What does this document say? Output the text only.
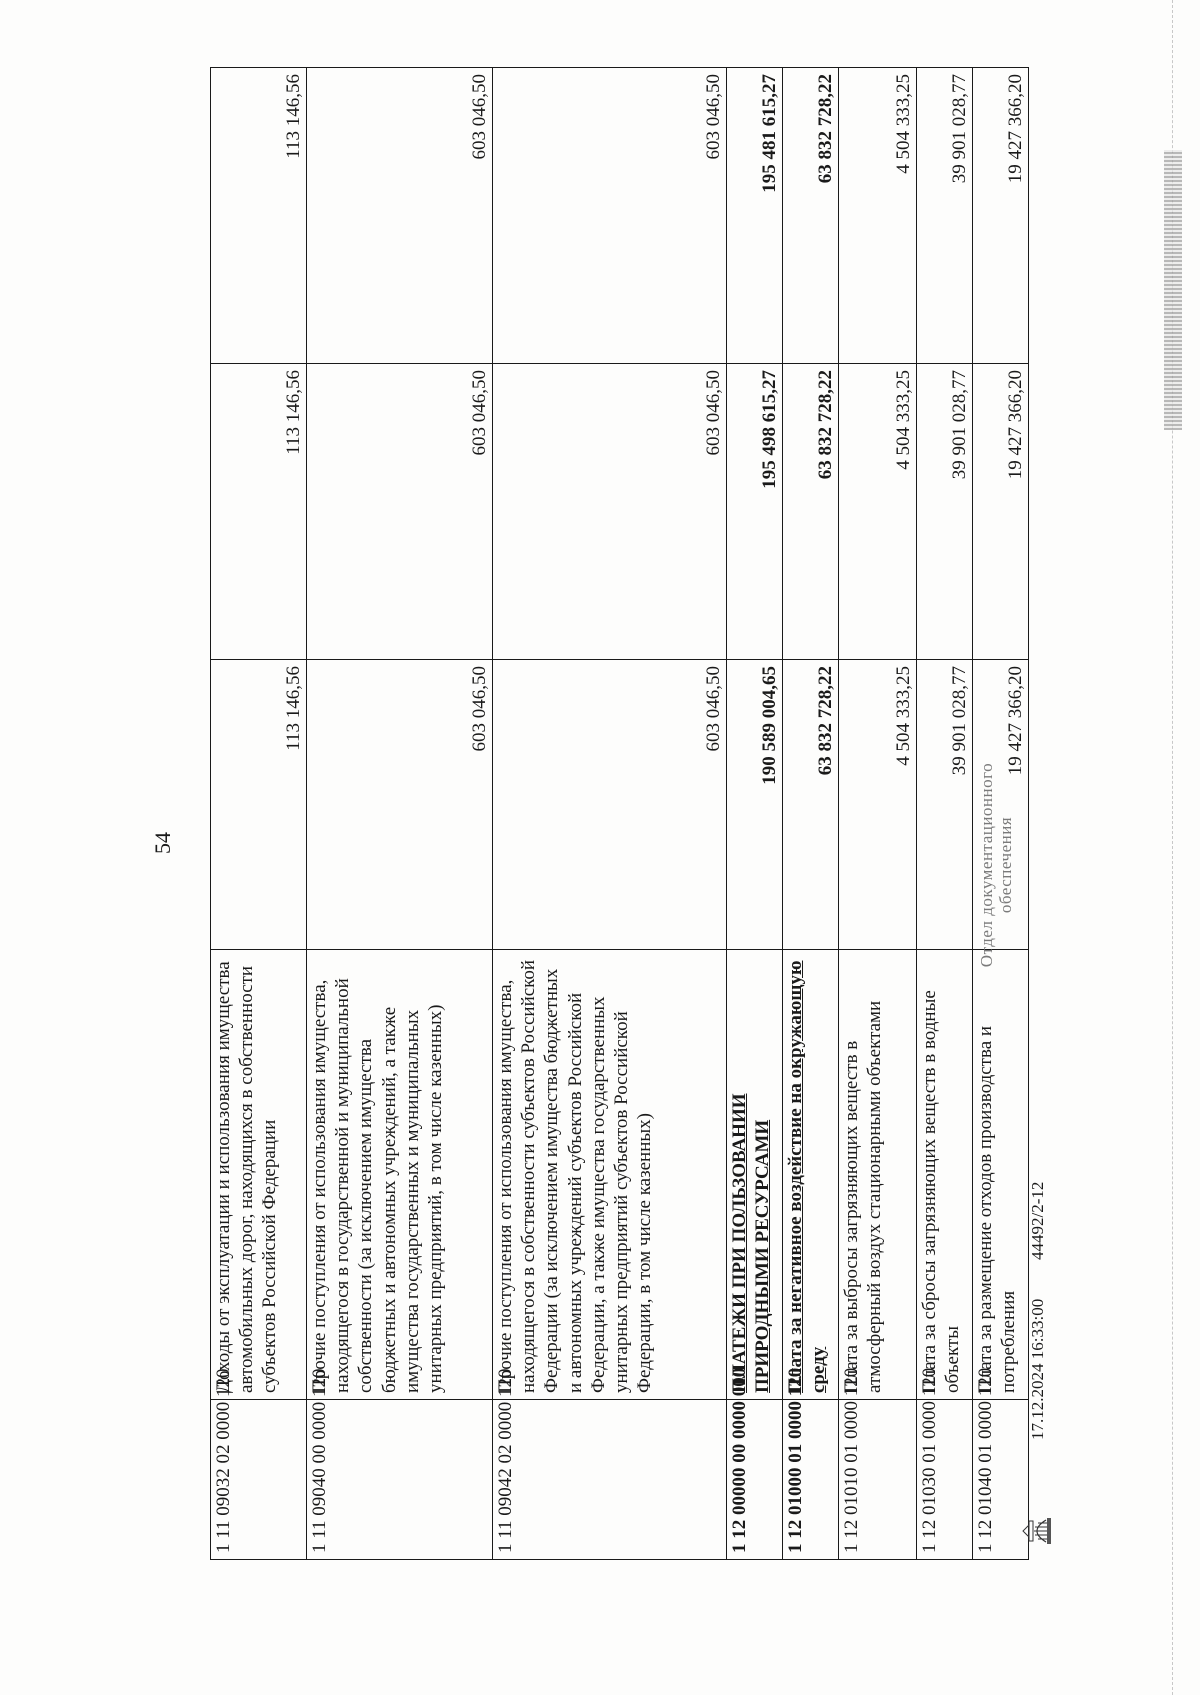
54
1 11 09032 02 0000 120	Доходы от эксплуатации и использования имущества автомобильных дорог, находящихся в собственности субъектов Российской Федерации	113 146,56	113 146,56	113 146,56
1 11 09040 00 0000 120	Прочие поступления от использования имущества, находящегося в государственной и муниципальной собственности (за исключением имущества бюджетных и автономных учреждений, а также имущества государственных и муниципальных унитарных предприятий, в том числе казенных)	603 046,50	603 046,50	603 046,50
1 11 09042 02 0000 120	Прочие поступления от использования имущества, находящегося в собственности субъектов Российской Федерации (за исключением имущества бюджетных и автономных учреждений субъектов Российской Федерации, а также имущества государственных унитарных предприятий субъектов Российской Федерации, в том числе казенных)	603 046,50	603 046,50	603 046,50
1 12 00000 00 0000 000	ПЛАТЕЖИ ПРИ ПОЛЬЗОВАНИИ ПРИРОДНЫМИ РЕСУРСАМИ	190 589 004,65	195 498 615,27	195 481 615,27
1 12 01000 01 0000 120	Плата за негативное воздействие на окружающую среду	63 832 728,22	63 832 728,22	63 832 728,22
1 12 01010 01 0000 120	Плата за выбросы загрязняющих веществ в атмосферный воздух стационарными объектами	4 504 333,25	4 504 333,25	4 504 333,25
1 12 01030 01 0000 120	Плата за сбросы загрязняющих веществ в водные объекты	39 901 028,77	39 901 028,77	39 901 028,77
1 12 01040 01 0000 120	Плата за размещение отходов производства и потребления	19 427 366,20	19 427 366,20	19 427 366,20
17.12.2024 16:33:00
44492/2-12
Отдел документационного обеспечения
